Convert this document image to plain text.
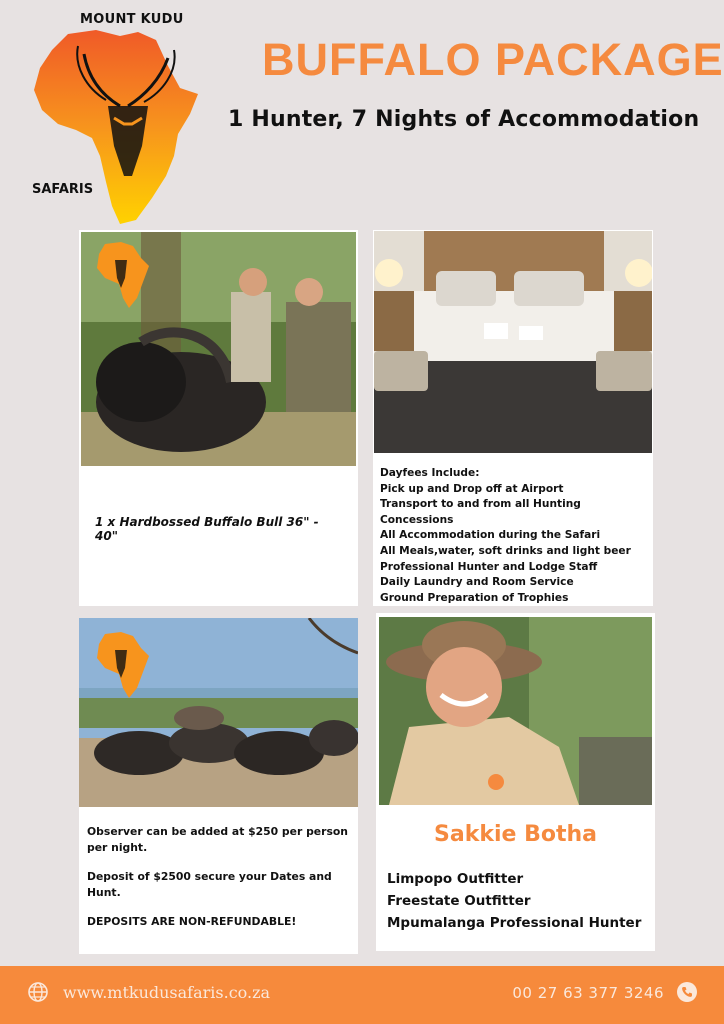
MOUNT KUDU
SAFARIS
BUFFALO PACKAGE
1 Hunter, 7 Nights of Accommodation
1 x Hardbossed Buffalo Bull 36" - 40"
Dayfees Include:
Pick up and Drop off at Airport
Transport to and from all Hunting Concessions
All Accommodation during the Safari
All Meals,water, soft drinks and light beer
Professional Hunter and Lodge Staff
Daily Laundry and Room Service
Ground Preparation of Trophies

Observer can be added at $250 per person per night.

Deposit of $2500 secure your Dates and Hunt.

DEPOSITS ARE NON-REFUNDABLE!

Sakkie Botha
Limpopo Outfitter
Freestate Outfitter
Mpumalanga Professional Hunter
www.mtkudusafaris.co.za	00 27 63 377 3246
